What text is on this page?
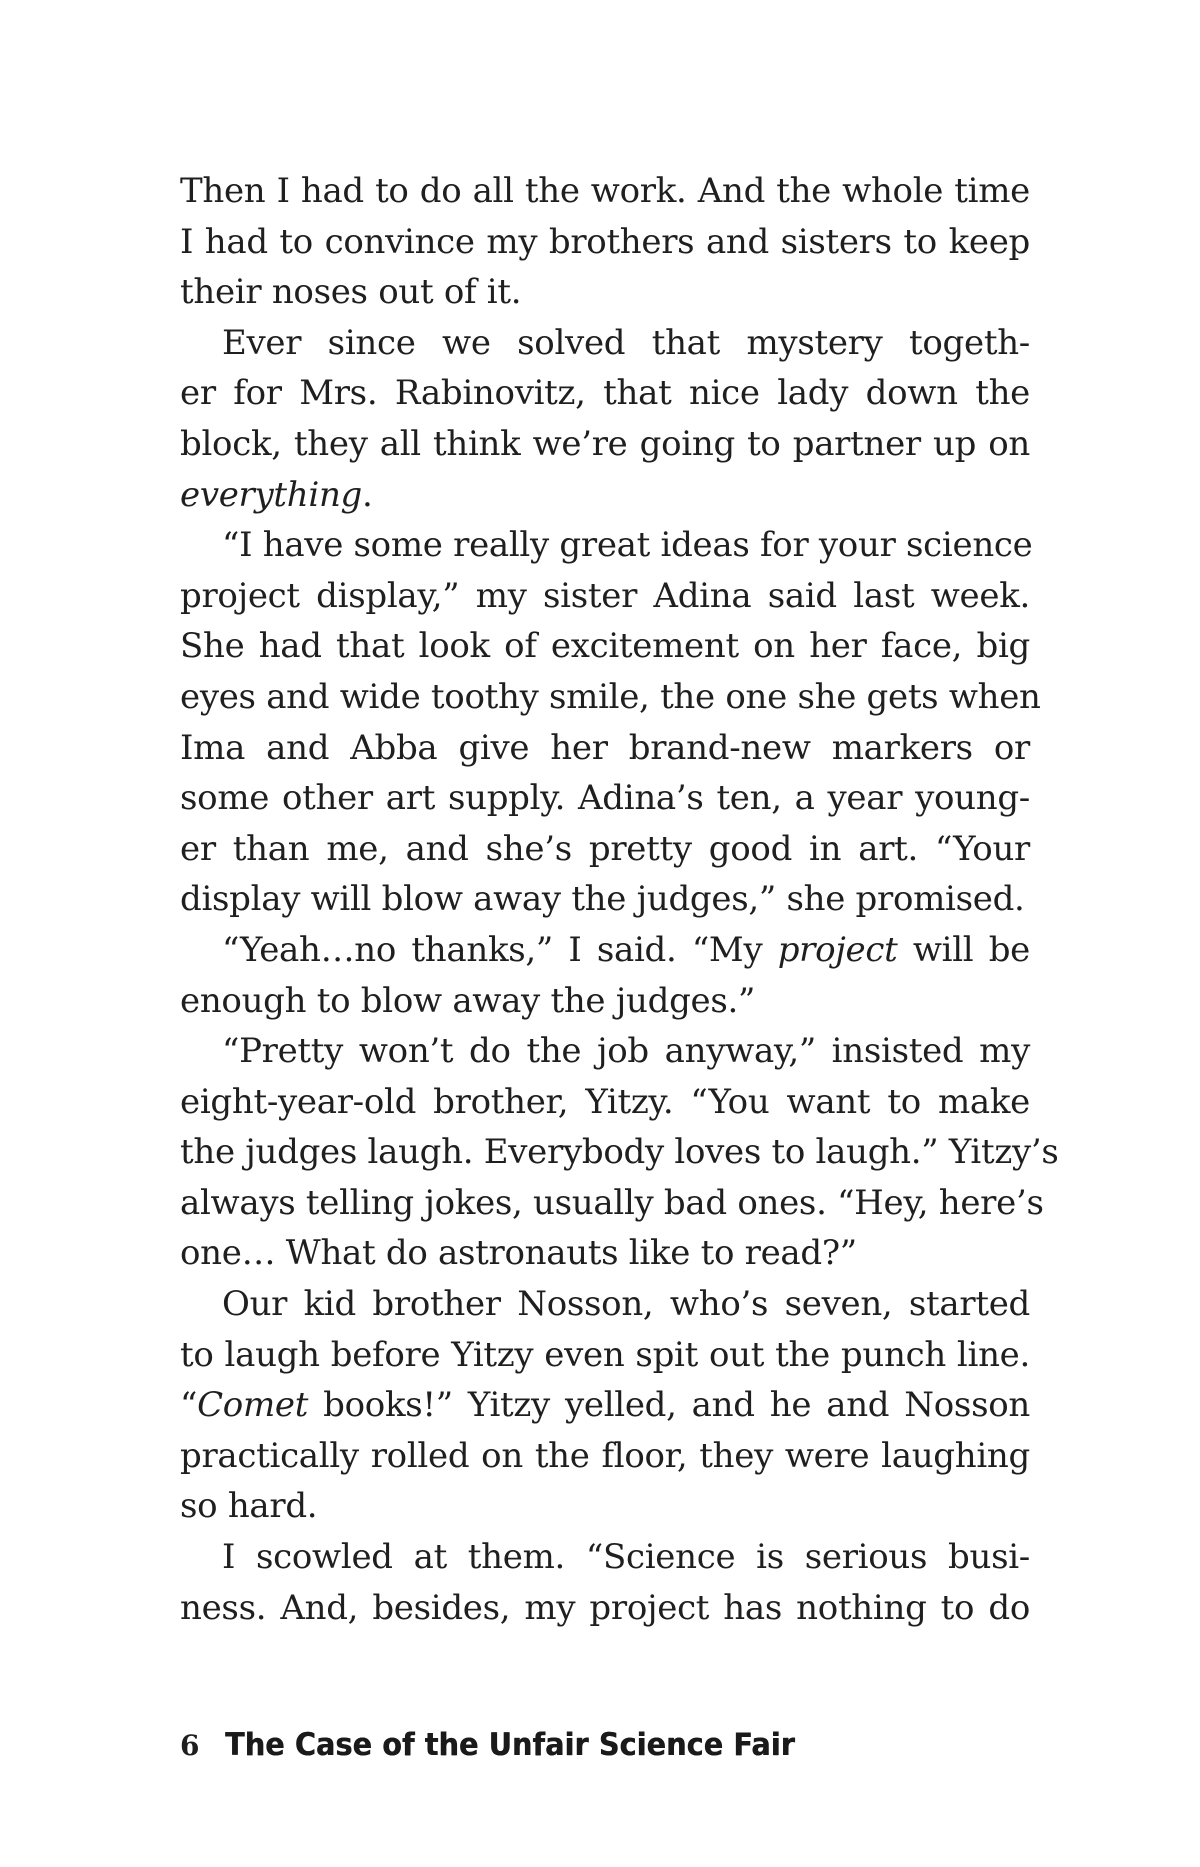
Then I had to do all the work. And the whole time
I had to convince my brothers and sisters to keep
their noses out of it.
Ever since we solved that mystery togeth-
er for Mrs. Rabinovitz, that nice lady down the
block, they all think we’re going to partner up on
everything.
“I have some really great ideas for your science
project display,” my sister Adina said last week.
She had that look of excitement on her face, big
eyes and wide toothy smile, the one she gets when
Ima and Abba give her brand-new markers or
some other art supply. Adina’s ten, a year young-
er than me, and she’s pretty good in art. “Your
display will blow away the judges,” she promised.
“Yeah…no thanks,” I said. “My project will be
enough to blow away the judges.”
“Pretty won’t do the job anyway,” insisted my
eight-year-old brother, Yitzy. “You want to make
the judges laugh. Everybody loves to laugh.” Yitzy’s
always telling jokes, usually bad ones. “Hey, here’s
one… What do astronauts like to read?”
Our kid brother Nosson, who’s seven, started
to laugh before Yitzy even spit out the punch line.
“Comet books!” Yitzy yelled, and he and Nosson
practically rolled on the floor, they were laughing
so hard.
I scowled at them. “Science is serious busi-
ness. And, besides, my project has nothing to do
6 The Case of the Unfair Science Fair
